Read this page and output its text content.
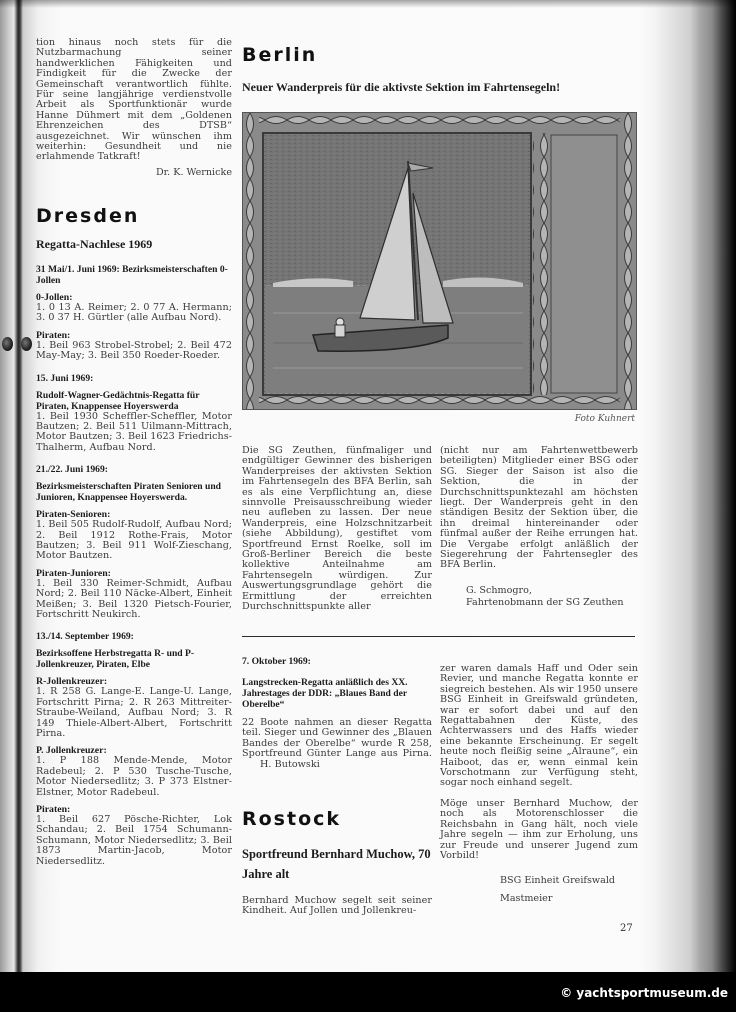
tion hinaus noch stets für die Nutzbarmachung seiner handwerklichen Fähigkeiten und Findigkeit für die Zwecke der Gemeinschaft verantwortlich fühlte. Für seine langjährige verdienstvolle Arbeit als Sportfunktionär wurde Hanne Dühmert mit dem „Goldenen Ehrenzeichen des DTSB“ ausgezeichnet. Wir wünschen ihm weiterhin: Gesundheit und nie erlahmende Tatkraft!

Dr. K. Wernicke

Dresden
Regatta-Nachlese 1969
31 Mai/1. Juni 1969: Bezirksmeisterschaften 0-Jollen
0-Jollen:

1. 0 13 A. Reimer; 2. 0 77 A. Hermann; 3. 0 37 H. Gürtler (alle Aufbau Nord).

Piraten:

1. Beil 963 Strobel-Strobel; 2. Beil 472 May-May; 3. Beil 350 Roeder-Roeder.

15. Juni 1969:
Rudolf-Wagner-Gedächtnis-Regatta für Piraten, Knappensee Hoyerswerda

1. Beil 1930 Scheffler-Scheffler, Motor Bautzen; 2. Beil 511 Uilmann-Mittrach, Motor Bautzen; 3. Beil 1623 Friedrichs-Thalherm, Aufbau Nord.

21./22. Juni 1969:
Bezirksmeisterschaften Piraten Senioren und Junioren, Knappensee Hoyerswerda.
Piraten-Senioren:

1. Beil 505 Rudolf-Rudolf, Aufbau Nord; 2. Beil 1912 Rothe-Frais, Motor Bautzen; 3. Beil 911 Wolf-Zieschang, Motor Bautzen.

Piraten-Junioren:

1. Beil 330 Reimer-Schmidt, Aufbau Nord; 2. Beil 110 Näcke-Albert, Einheit Meißen; 3. Beil 1320 Pietsch-Fourier, Fortschritt Neukirch.

13./14. September 1969:
Bezirksoffene Herbstregatta R- und P-Jollenkreuzer, Piraten, Elbe
R-Jollenkreuzer:

1. R 258 G. Lange-E. Lange-U. Lange, Fortschritt Pirna; 2. R 263 Mittreiter-Straube-Weiland, Aufbau Nord; 3. R 149 Thiele-Albert-Albert, Fortschritt Pirna.

P. Jollenkreuzer:

1. P 188 Mende-Mende, Motor Radebeul; 2. P 530 Tusche-Tusche, Motor Niedersedlitz; 3. P 373 Elstner-Elstner, Motor Radebeul.

Piraten:

1. Beil 627 Pösche-Richter, Lok Schandau; 2. Beil 1754 Schumann-Schumann, Motor Niedersedlitz; 3. Beil 1873 Martin-Jacob, Motor Niedersedlitz.

Berlin
Neuer Wanderpreis für die aktivste Sektion im Fahrtensegeln!
Foto Kuhnert

Die SG Zeuthen, fünfmaliger und endgültiger Gewinner des bisherigen Wanderpreises der aktivsten Sektion im Fahrtensegeln des BFA Berlin, sah es als eine Verpflichtung an, diese sinnvolle Preisausschreibung wieder neu aufleben zu lassen. Der neue Wanderpreis, eine Holzschnitzarbeit (siehe Abbildung), gestiftet vom Sportfreund Ernst Roelke, soll im Groß-Berliner Bereich die beste kollektive Anteilnahme am Fahrtensegeln würdigen. Zur Auswertungsgrundlage gehört die Ermittlung der erreichten Durchschnittspunkte aller

(nicht nur am Fahrtenwettbewerb beteiligten) Mitglieder einer BSG oder SG. Sieger der Saison ist also die Sektion, die in der Durchschnittspunktezahl am höchsten liegt. Der Wanderpreis geht in den ständigen Besitz der Sektion über, die ihn dreimal hintereinander oder fünfmal außer der Reihe errungen hat. Die Vergabe erfolgt anläßlich der Siegerehrung der Fahrtensegler des BFA Berlin.

G. Schmogro,
Fahrtenobmann der SG Zeuthen
7. Oktober 1969:
Langstrecken-Regatta anläßlich des XX. Jahrestages der DDR: „Blaues Band der Oberelbe“

22 Boote nahmen an dieser Regatta teil. Sieger und Gewinner des „Blauen Bandes der Oberelbe“ wurde R 258, Sportfreund Günter Lange aus Pirna. H. Butowski

Rostock
Sportfreund Bernhard Muchow, 70 Jahre alt

Bernhard Muchow segelt seit seiner Kindheit. Auf Jollen und Jollenkreu-

zer waren damals Haff und Oder sein Revier, und manche Regatta konnte er siegreich bestehen. Als wir 1950 unsere BSG Einheit in Greifswald gründeten, war er sofort dabei und auf den Regattabahnen der Küste, des Achterwassers und des Haffs wieder eine bekannte Erscheinung. Er segelt heute noch fleißig seine „Alraune“, ein Haiboot, das er, wenn einmal kein Vorschotmann zur Verfügung steht, sogar noch einhand segelt.

Möge unser Bernhard Muchow, der noch als Motorenschlosser die Reichsbahn in Gang hält, noch viele Jahre segeln — ihm zur Erholung, uns zur Freude und unserer Jugend zum Vorbild!

BSG Einheit Greifswald
Mastmeier
27
© yachtsportmuseum.de
